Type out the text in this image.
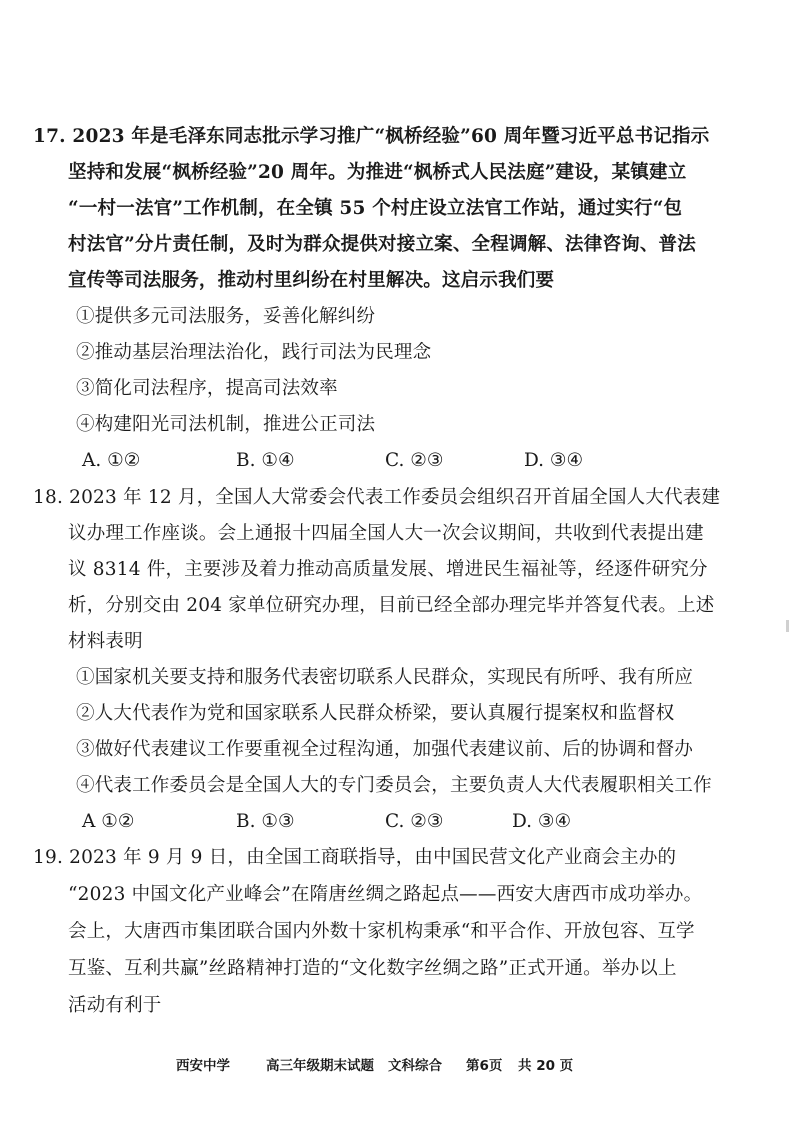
17. 2023 年是毛泽东同志批示学习推广“枫桥经验”60 周年暨习近平总书记指示
坚持和发展“枫桥经验”20 周年。为推进“枫桥式人民法庭”建设，某镇建立
“一村一法官”工作机制，在全镇 55 个村庄设立法官工作站，通过实行“包
村法官”分片责任制，及时为群众提供对接立案、全程调解、法律咨询、普法
宣传等司法服务，推动村里纠纷在村里解决。这启示我们要
①提供多元司法服务，妥善化解纠纷
②推动基层治理法治化，践行司法为民理念
③简化司法程序，提高司法效率
④构建阳光司法机制，推进公正司法
A. ①②	B. ①④	C. ②③	D. ③④
18. 2023 年 12 月，全国人大常委会代表工作委员会组织召开首届全国人大代表建
议办理工作座谈。会上通报十四届全国人大一次会议期间，共收到代表提出建
议 8314 件，主要涉及着力推动高质量发展、增进民生福祉等，经逐件研究分
析，分别交由 204 家单位研究办理，目前已经全部办理完毕并答复代表。上述
材料表明
①国家机关要支持和服务代表密切联系人民群众，实现民有所呼、我有所应
②人大代表作为党和国家联系人民群众桥梁，要认真履行提案权和监督权
③做好代表建议工作要重视全过程沟通，加强代表建议前、后的协调和督办
④代表工作委员会是全国人大的专门委员会，主要负责人大代表履职相关工作
A ①②	B. ①③	C. ②③	D. ③④
19. 2023 年 9 月 9 日，由全国工商联指导，由中国民营文化产业商会主办的
“2023 中国文化产业峰会”在隋唐丝绸之路起点——西安大唐西市成功举办。
会上，大唐西市集团联合国内外数十家机构秉承“和平合作、开放包容、互学
互鉴、互利共赢”丝路精神打造的“文化数字丝绸之路”正式开通。举办以上
活动有利于
西安中学	高三年级期末试题 文科综合 第6页 共 20 页
